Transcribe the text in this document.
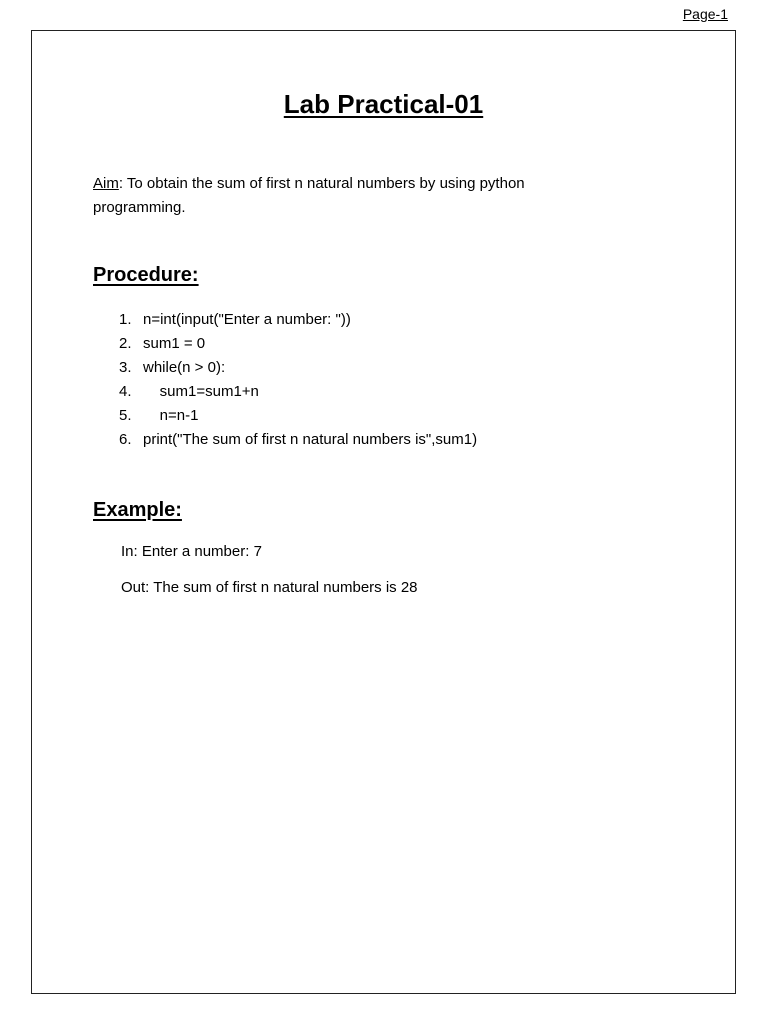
Page-1
Lab Practical-01

Aim: To obtain the sum of first n natural numbers by using python programming.

Procedure:
1. n=int(input("Enter a number: "))
2. sum1 = 0
3. while(n > 0):
4.    sum1=sum1+n
5.    n=n-1
6. print("The sum of first n natural numbers is",sum1)
Example:

In: Enter a number: 7

Out: The sum of first n natural numbers is 28
